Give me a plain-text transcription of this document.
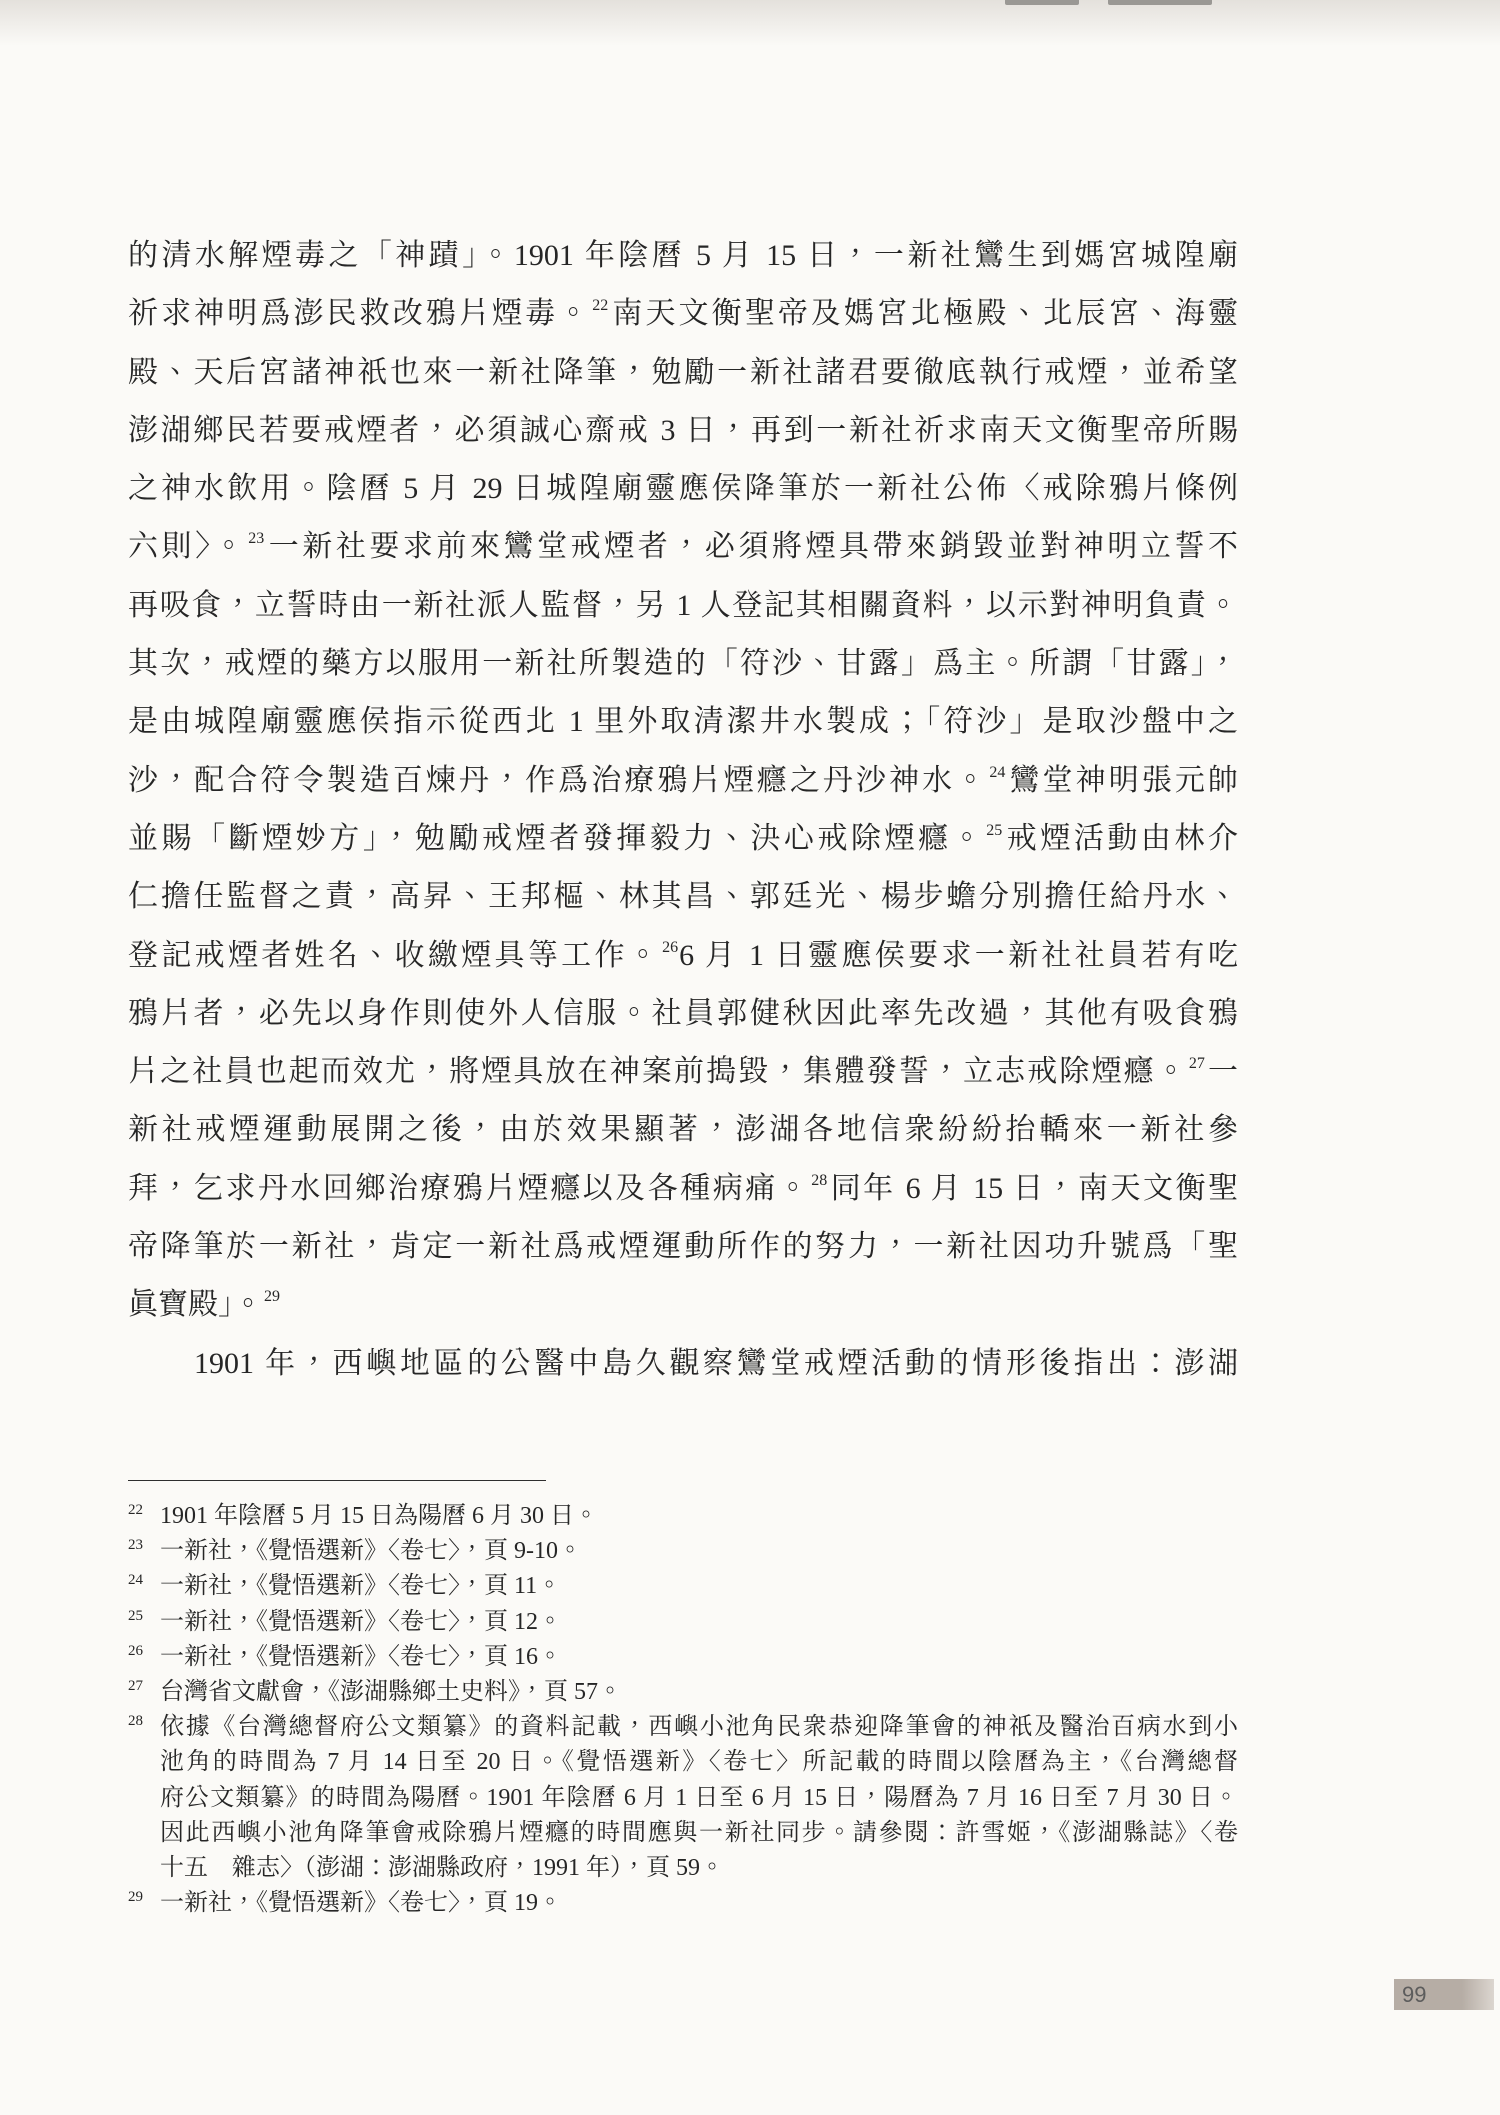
的清水解煙毒之「神蹟」。1901 年陰曆 5 月 15 日，一新社鸞生到媽宮城隍廟
祈求神明爲澎民救改鴉片煙毒。$^{22}$南天文衡聖帝及媽宮北極殿、北辰宮、海靈
殿、天后宮諸神祇也來一新社降筆，勉勵一新社諸君要徹底執行戒煙，並希望
澎湖鄉民若要戒煙者，必須誠心齋戒 3 日，再到一新社祈求南天文衡聖帝所賜
之神水飲用。陰曆 5 月 29 日城隍廟靈應侯降筆於一新社公佈〈戒除鴉片條例
六則〉。$^{23}$一新社要求前來鸞堂戒煙者，必須將煙具帶來銷毀並對神明立誓不
再吸食，立誓時由一新社派人監督，另 1 人登記其相關資料，以示對神明負責。
其次，戒煙的藥方以服用一新社所製造的「符沙、甘露」爲主。所謂「甘露」，
是由城隍廟靈應侯指示從西北 1 里外取清潔井水製成；「符沙」是取沙盤中之
沙，配合符令製造百煉丹，作爲治療鴉片煙癮之丹沙神水。$^{24}$鸞堂神明張元帥
並賜「斷煙妙方」，勉勵戒煙者發揮毅力、決心戒除煙癮。$^{25}$戒煙活動由林介
仁擔任監督之責，高昇、王邦樞、林其昌、郭廷光、楊步蟾分別擔任給丹水、
登記戒煙者姓名、收繳煙具等工作。$^{26}$6 月 1 日靈應侯要求一新社社員若有吃
鴉片者，必先以身作則使外人信服。社員郭健秋因此率先改過，其他有吸食鴉
片之社員也起而效尤，將煙具放在神案前搗毀，集體發誓，立志戒除煙癮。$^{27}$一
新社戒煙運動展開之後，由於效果顯著，澎湖各地信衆紛紛抬轎來一新社參
拜，乞求丹水回鄉治療鴉片煙癮以及各種病痛。$^{28}$同年 6 月 15 日，南天文衡聖
帝降筆於一新社，肯定一新社爲戒煙運動所作的努力，一新社因功升號爲「聖
眞寶殿」。$^{29}$
1901 年，西嶼地區的公醫中島久觀察鸞堂戒煙活動的情形後指出：澎湖
22 1901 年陰曆 5 月 15 日為陽曆 6 月 30 日。
23 一新社，《覺悟選新》〈卷七〉，頁 9-10。
24 一新社，《覺悟選新》〈卷七〉，頁 11。
25 一新社，《覺悟選新》〈卷七〉，頁 12。
26 一新社，《覺悟選新》〈卷七〉，頁 16。
27 台灣省文獻會，《澎湖縣鄉土史料》，頁 57。
28 依據《台灣總督府公文類纂》的資料記載，西嶼小池角民衆恭迎降筆會的神祇及醫治百病水到小
池角的時間為 7 月 14 日至 20 日。《覺悟選新》〈卷七〉所記載的時間以陰曆為主，《台灣總督
府公文類纂》的時間為陽曆。1901 年陰曆 6 月 1 日至 6 月 15 日，陽曆為 7 月 16 日至 7 月 30 日。
因此西嶼小池角降筆會戒除鴉片煙癮的時間應與一新社同步。請參閱：許雪姬，《澎湖縣誌》〈卷
十五　雜志〉（澎湖：澎湖縣政府，1991 年），頁 59。
29 一新社，《覺悟選新》〈卷七〉，頁 19。
99
